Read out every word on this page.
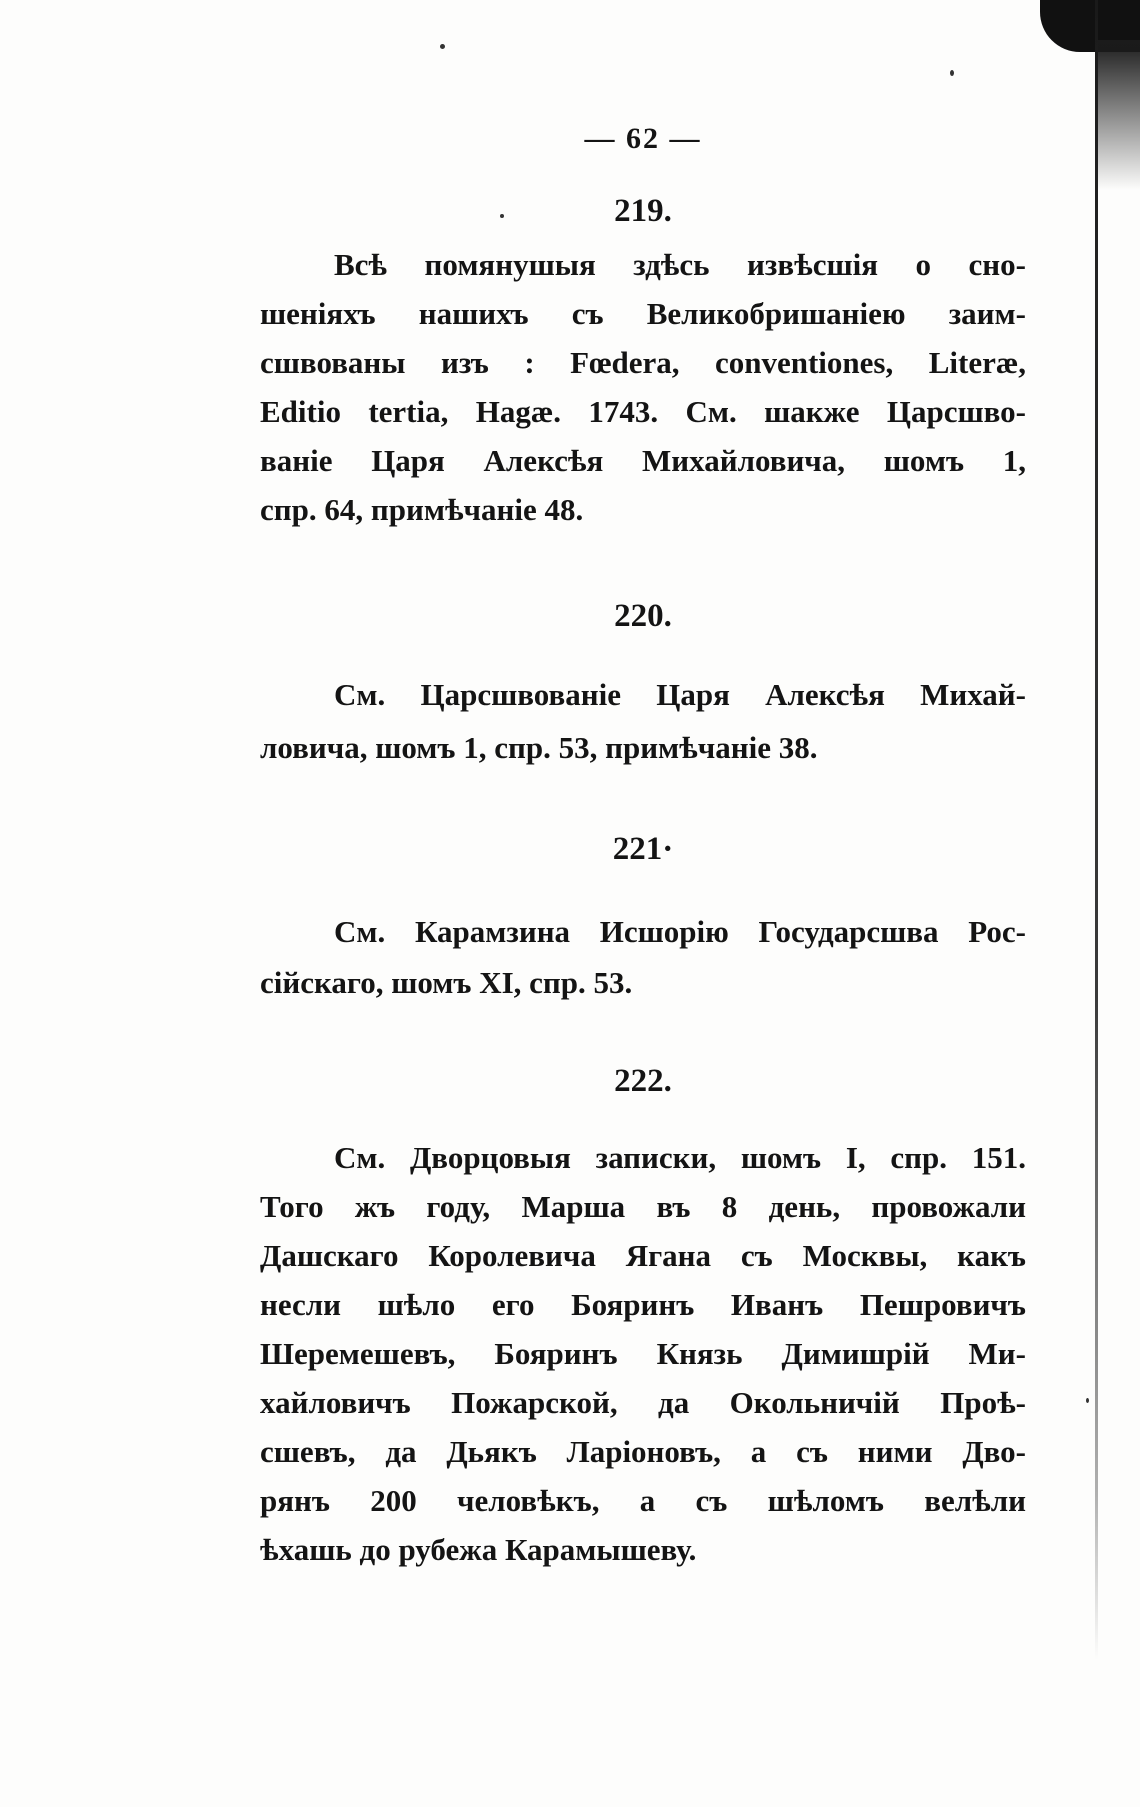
— 62 —
219.
Всѣ помянушыя здѣсь извѣсшія о сно-
шеніяхъ нашихъ съ Великобришаніею заим-
сшвованы изъ : Fœdera, conventiones, Literæ,
Editio tertia, Hagæ. 1743. См. шакже Царсшво-
ваніе Царя Алексѣя Михайловича, шомъ 1,
спр. 64, примѣчаніе 48.
220.
См. Царсшвованіе Царя Алексѣя Михай-
ловича, шомъ 1, спр. 53, примѣчаніе 38.
221·
См. Карамзина Исшорію Государсшва Рос-
сійскаго, шомъ XI, спр. 53.
222.
См. Дворцовыя записки, шомъ I, спр. 151.
Того жъ году, Марша въ 8 день, провожали
Дашскаго Королевича Ягана съ Москвы, какъ
несли шѣло его Бояринъ Иванъ Пешровичъ
Шеремешевъ, Бояринъ Князь Димишрій Ми-
хайловичъ Пожарской, да Окольничій Проѣ-
сшевъ, да Дьякъ Ларіоновъ, а съ ними Дво-
рянъ 200 человѣкъ, а съ шѣломъ велѣли
ѣхашь до рубежа Карамышеву.
